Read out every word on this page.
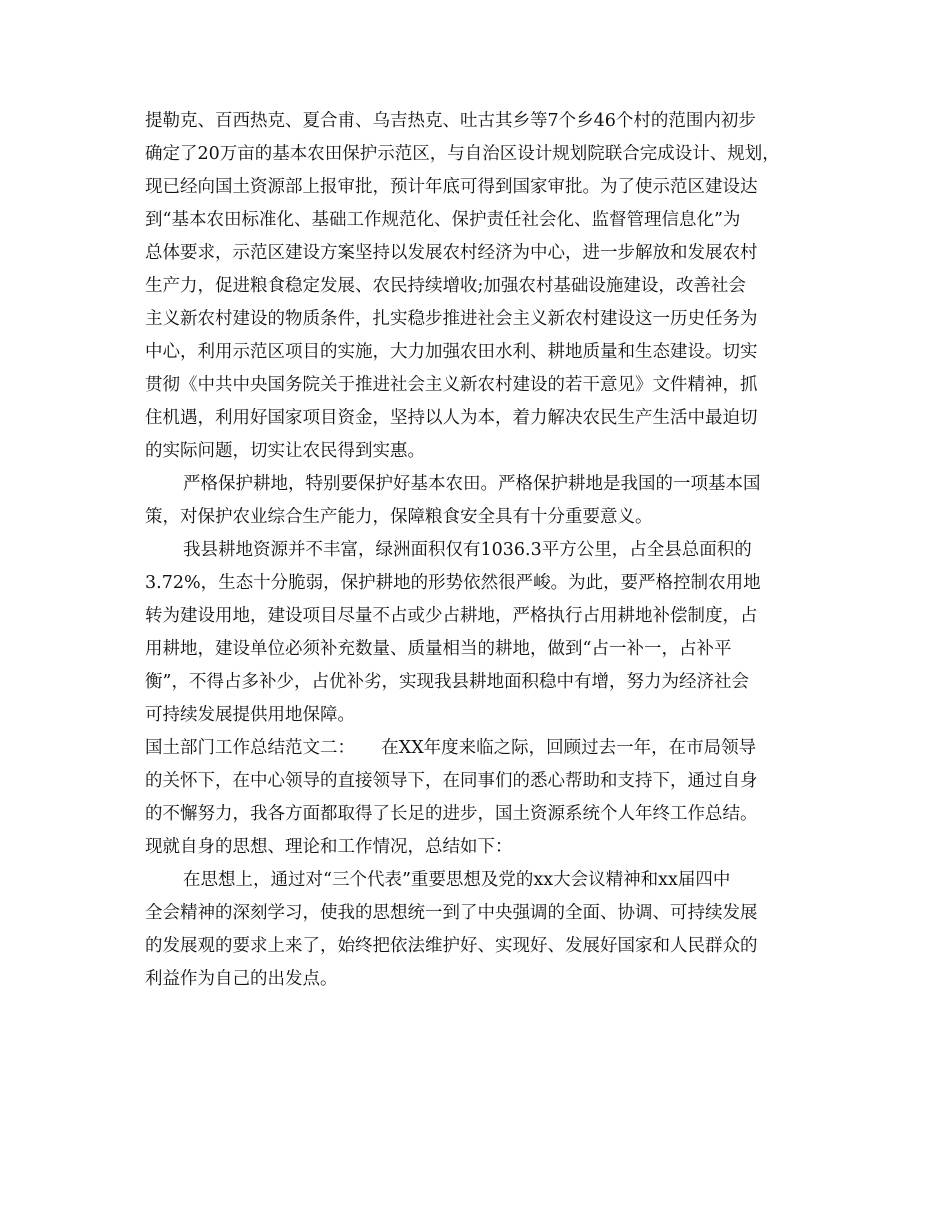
提勒克、百西热克、夏合甫、乌吉热克、吐古其乡等7个乡46个村的范围内初步

确定了20万亩的基本农田保护示范区，与自治区设计规划院联合完成设计、规划，

现已经向国土资源部上报审批，预计年底可得到国家审批。为了使示范区建设达

到“基本农田标准化、基础工作规范化、保护责任社会化、监督管理信息化”为

总体要求，示范区建设方案坚持以发展农村经济为中心，进一步解放和发展农村

生产力，促进粮食稳定发展、农民持续增收;加强农村基础设施建设，改善社会

主义新农村建设的物质条件，扎实稳步推进社会主义新农村建设这一历史任务为

中心，利用示范区项目的实施，大力加强农田水利、耕地质量和生态建设。切实

贯彻《中共中央国务院关于推进社会主义新农村建设的若干意见》文件精神，抓

住机遇，利用好国家项目资金，坚持以人为本，着力解决农民生产生活中最迫切

的实际问题，切实让农民得到实惠。

严格保护耕地，特别要保护好基本农田。严格保护耕地是我国的一项基本国

策，对保护农业综合生产能力，保障粮食安全具有十分重要意义。

我县耕地资源并不丰富，绿洲面积仅有1036.3平方公里，占全县总面积的

3.72%，生态十分脆弱，保护耕地的形势依然很严峻。为此，要严格控制农用地

转为建设用地，建设项目尽量不占或少占耕地，严格执行占用耕地补偿制度，占

用耕地，建设单位必须补充数量、质量相当的耕地，做到“占一补一，占补平

衡”，不得占多补少，占优补劣，实现我县耕地面积稳中有增，努力为经济社会

可持续发展提供用地保障。

国土部门工作总结范文二：　　在XX年度来临之际，回顾过去一年，在市局领导

的关怀下，在中心领导的直接领导下，在同事们的悉心帮助和支持下，通过自身

的不懈努力，我各方面都取得了长足的进步，国土资源系统个人年终工作总结。

现就自身的思想、理论和工作情况，总结如下：

在思想上，通过对“三个代表”重要思想及党的xx大会议精神和xx届四中

全会精神的深刻学习，使我的思想统一到了中央强调的全面、协调、可持续发展

的发展观的要求上来了，始终把依法维护好、实现好、发展好国家和人民群众的

利益作为自己的出发点。
